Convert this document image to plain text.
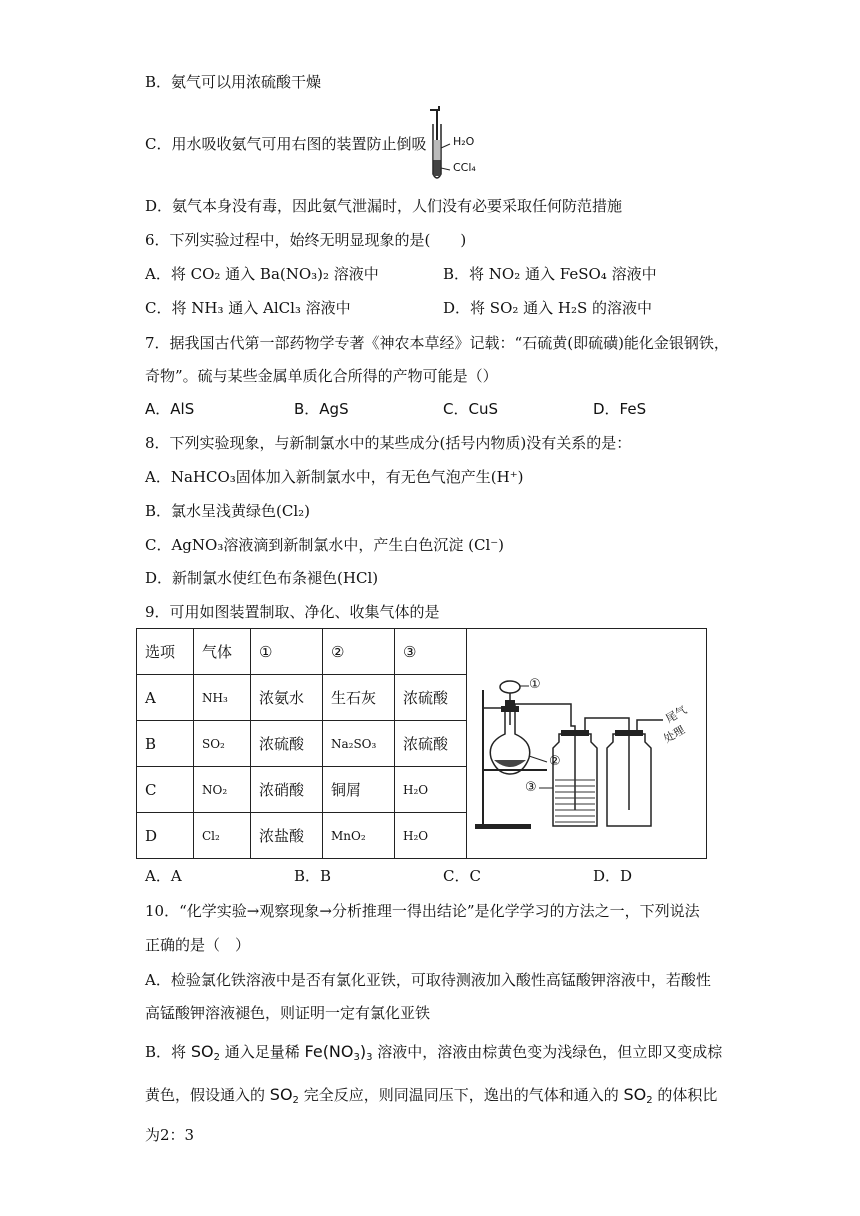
B．氨气可以用浓硫酸干燥
C．用水吸收氨气可用右图的装置防止倒吸 H₂O
CCl₄
D．氨气本身没有毒，因此氨气泄漏时，人们没有必要采取任何防范措施
6．下列实验过程中，始终无明显现象的是(　　)
A．将 CO₂ 通入 Ba(NO₃)₂ 溶液中	B．将 NO₂ 通入 FeSO₄ 溶液中
C．将 NH₃ 通入 AlCl₃ 溶液中	D．将 SO₂ 通入 H₂S 的溶液中
7．据我国古代第一部药物学专著《神农本草经》记载：“石硫黄(即硫磺)能化金银钢铁，
奇物”。硫与某些金属单质化合所得的产物可能是（）
A．AlS	B．AgS	C．CuS	D．FeS
8．下列实验现象，与新制氯水中的某些成分(括号内物质)没有关系的是：
A．NaHCO₃固体加入新制氯水中，有无色气泡产生(H⁺)
B．氯水呈浅黄绿色(Cl₂)
C．AgNO₃溶液滴到新制氯水中，产生白色沉淀 (Cl⁻)
D．新制氯水使红色布条褪色(HCl)
9．可用如图装置制取、净化、收集气体的是
选项	气体	①	②	③	①
②
③
尾气
处理

A	NH₃	浓氨水	生石灰	浓硫酸	
B	SO₂	浓硫酸	Na₂SO₃	浓硫酸	
C	NO₂	浓硝酸	铜屑	H₂O	
D	Cl₂	浓盐酸	MnO₂	H₂O	
A．A	B．B	C．C	D．D
10．“化学实验→观察现象→分析推理一得出结论”是化学学习的方法之一，下列说法
正确的是（　）
A．检验氯化铁溶液中是否有氯化亚铁，可取待测液加入酸性高锰酸钾溶液中，若酸性
高锰酸钾溶液褪色，则证明一定有氯化亚铁
B．将 $SO_2$ 通入足量稀 $Fe(NO_3)_3$ 溶液中，溶液由棕黄色变为浅绿色，但立即又变成棕
黄色，假设通入的 $SO_2$ 完全反应，则同温同压下，逸出的气体和通入的 $SO_2$ 的体积比
为2：3
